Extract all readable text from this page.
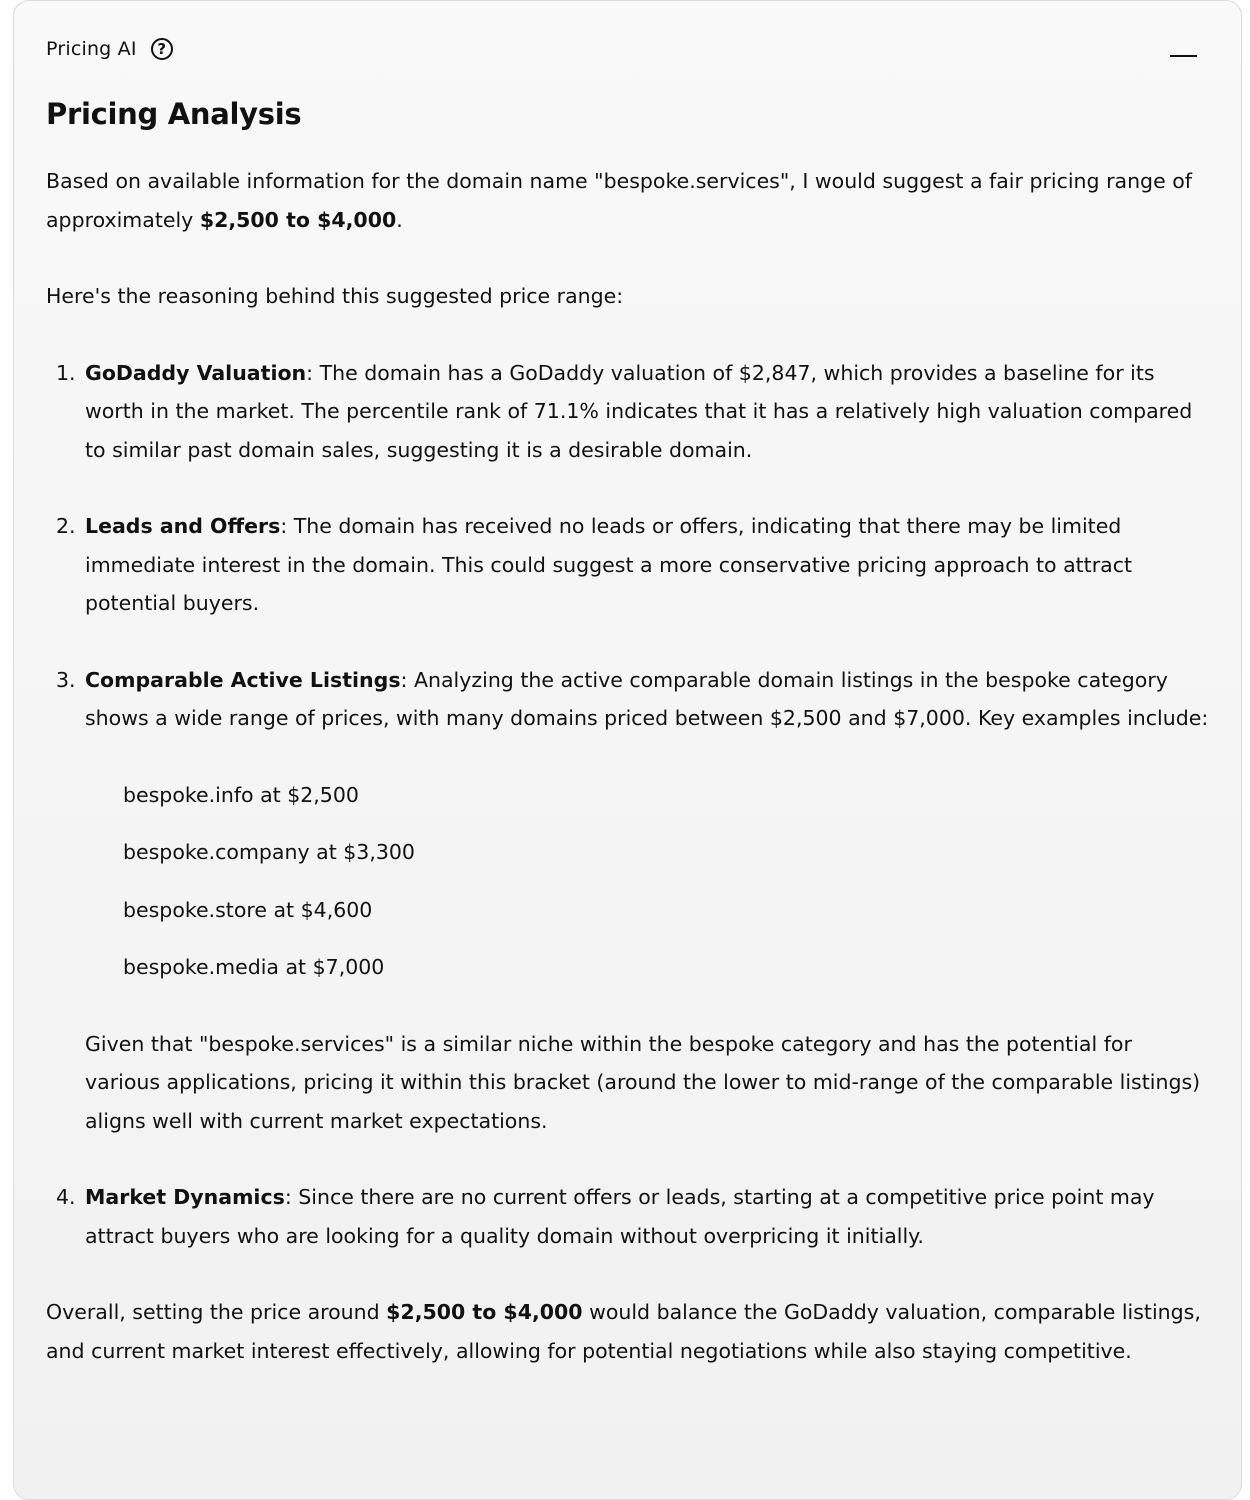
Pricing AI	?
Pricing Analysis

Based on available information for the domain name "bespoke.services", I would suggest a fair pricing range of approximately $2,500 to $4,000.

Here's the reasoning behind this suggested price range:

1. GoDaddy Valuation: The domain has a GoDaddy valuation of $2,847, which provides a baseline for its worth in the market. The percentile rank of 71.1% indicates that it has a relatively high valuation compared to similar past domain sales, suggesting it is a desirable domain.
2. Leads and Offers: The domain has received no leads or offers, indicating that there may be limited immediate interest in the domain. This could suggest a more conservative pricing approach to attract potential buyers.
3. Comparable Active Listings: Analyzing the active comparable domain listings in the bespoke category shows a wide range of prices, with many domains priced between $2,500 and $7,000. Key examples include:
bespoke.info at $2,500
bespoke.company at $3,300
bespoke.store at $4,600
bespoke.media at $7,000

Given that "bespoke.services" is a similar niche within the bespoke category and has the potential for various applications, pricing it within this bracket (around the lower to mid-range of the comparable listings) aligns well with current market expectations.

4. Market Dynamics: Since there are no current offers or leads, starting at a competitive price point may attract buyers who are looking for a quality domain without overpricing it initially.

Overall, setting the price around $2,500 to $4,000 would balance the GoDaddy valuation, comparable listings, and current market interest effectively, allowing for potential negotiations while also staying competitive.
